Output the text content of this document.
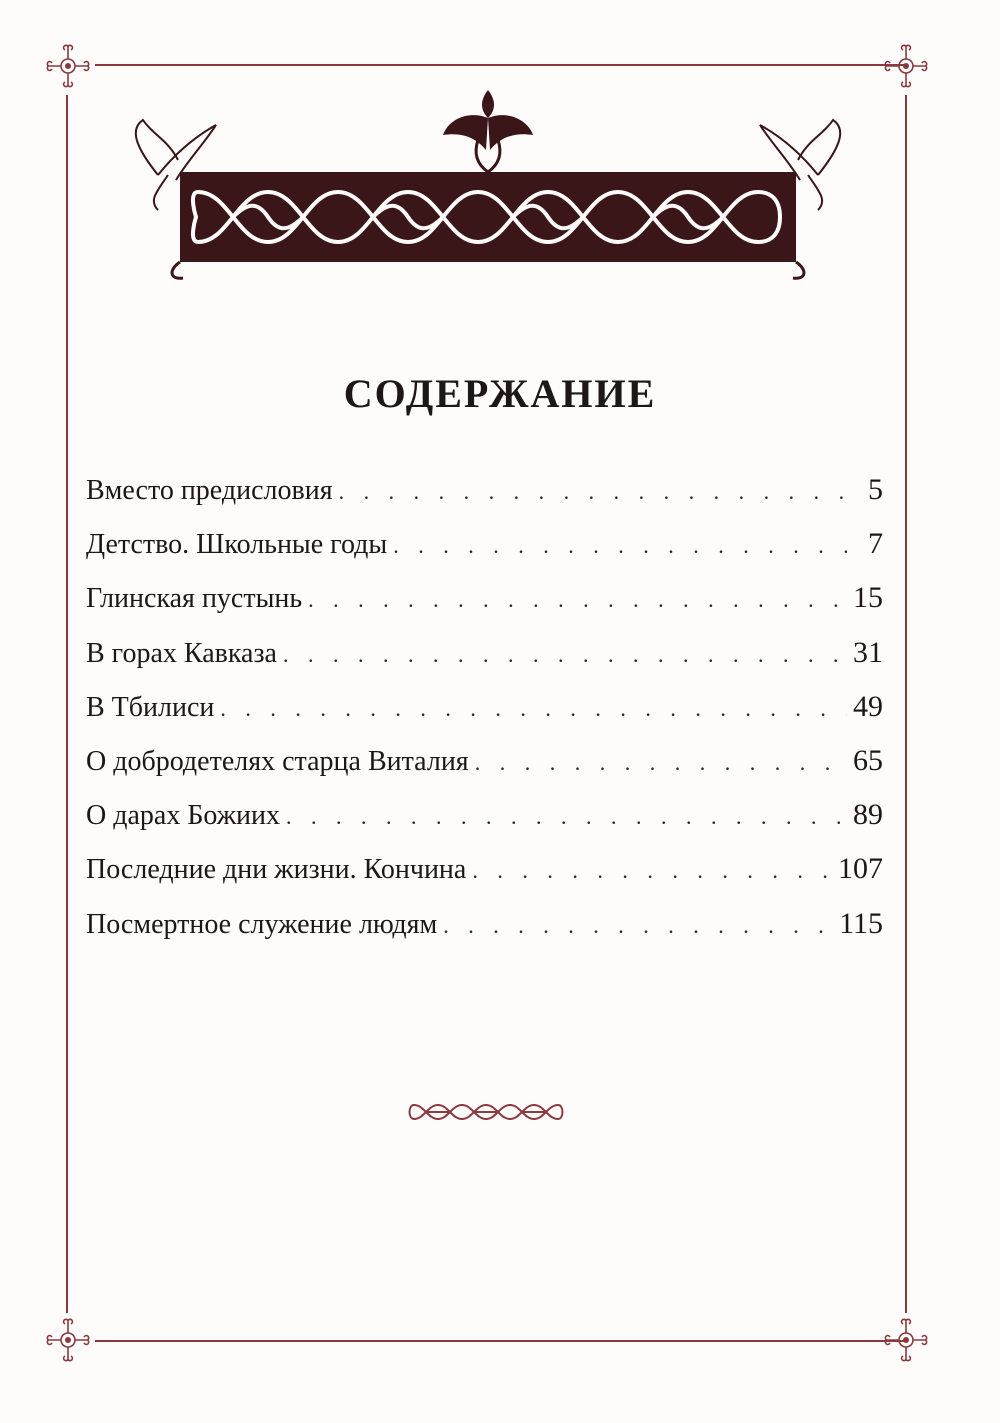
СОДЕРЖАНИЕ
Вместо предисловия . . .	5
Детство. Школьные годы . . .	7
Глинская пустынь . . .	15
В горах Кавказа . . .	31
В Тбилиси . . .	49
О добродетелях старца Виталия . . .	65
О дарах Божиих . . .	89
Последние дни жизни. Кончина . . .	107
Посмертное служение людям . . .	115
